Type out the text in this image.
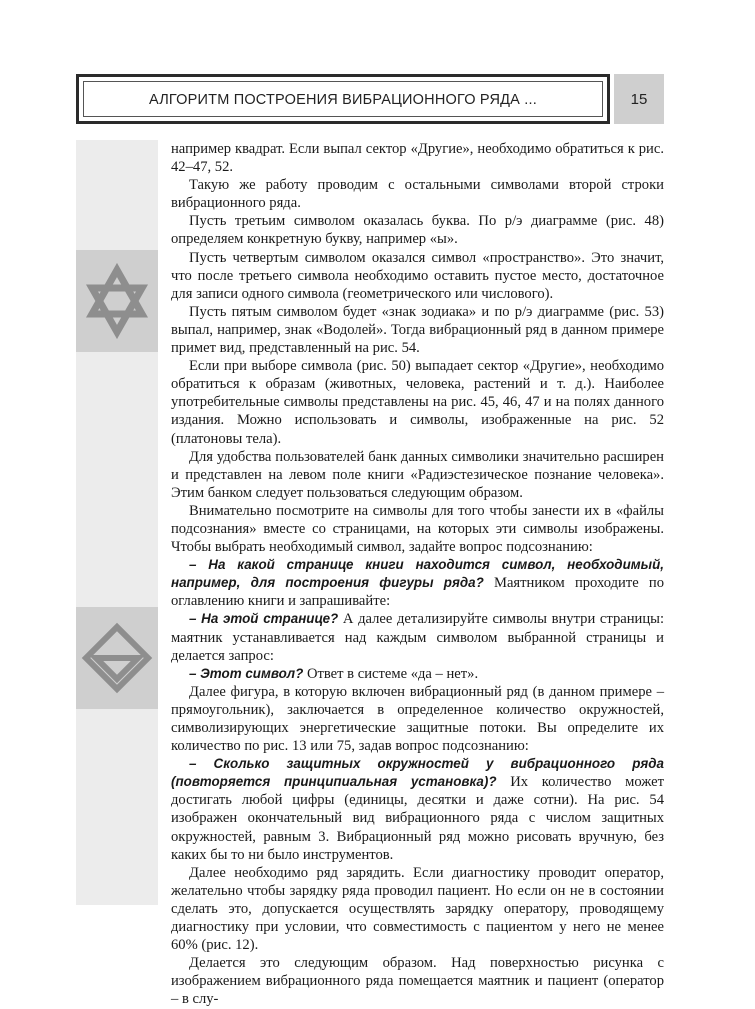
АЛГОРИТМ ПОСТРОЕНИЯ ВИБРАЦИОННОГО РЯДА ...	15

например квадрат. Если выпал сектор «Другие», необходимо обратиться к рис. 42–47, 52.

Такую же работу проводим с остальными символами второй строки вибрационного ряда.

Пусть третьим символом оказалась буква. По р/э диаграмме (рис. 48) определяем конкретную букву, например «ы».

Пусть четвертым символом оказался символ «пространство». Это значит, что после третьего символа необходимо оставить пустое место, достаточное для записи одного символа (геометрического или числового).

Пусть пятым символом будет «знак зодиака» и по р/э диаграмме (рис. 53) выпал, например, знак «Водолей». Тогда вибрационный ряд в данном примере примет вид, представленный на рис. 54.

Если при выборе символа (рис. 50) выпадает сектор «Другие», необходимо обратиться к образам (животных, человека, растений и т. д.). Наиболее употребительные символы представлены на рис. 45, 46, 47 и на полях данного издания. Можно использовать и символы, изображенные на рис. 52 (платоновы тела).

Для удобства пользователей банк данных символики значительно расширен и представлен на левом поле книги «Радиэстезическое познание человека». Этим банком следует пользоваться следующим образом.

Внимательно посмотрите на символы для того чтобы занести их в «файлы подсознания» вместе со страницами, на которых эти символы изображены. Чтобы выбрать необходимый символ, задайте вопрос подсознанию:

– На какой странице книги находится символ, необходимый, например, для построения фигуры ряда? Маятником проходите по оглавлению книги и запрашивайте:

– На этой странице? А далее детализируйте символы внутри страницы: маятник устанавливается над каждым символом выбранной страницы и делается запрос:

– Этот символ? Ответ в системе «да – нет».

Далее фигура, в которую включен вибрационный ряд (в данном примере – прямоугольник), заключается в определенное количество окружностей, символизирующих энергетические защитные потоки. Вы определите их количество по рис. 13 или 75, задав вопрос подсознанию:

– Сколько защитных окружностей у вибрационного ряда (повторяется принципиальная установка)? Их количество может достигать любой цифры (единицы, десятки и даже сотни). На рис. 54 изображен окончательный вид вибрационного ряда с числом защитных окружностей, равным 3. Вибрационный ряд можно рисовать вручную, без каких бы то ни было инструментов.

Далее необходимо ряд зарядить. Если диагностику проводит оператор, желательно чтобы зарядку ряда проводил пациент. Но если он не в состоянии сделать это, допускается осуществлять зарядку оператору, проводящему диагностику при условии, что совместимость с пациентом у него не менее 60% (рис. 12).

Делается это следующим образом. Над поверхностью рисунка с изображением вибрационного ряда помещается маятник и пациент (оператор – в слу-
